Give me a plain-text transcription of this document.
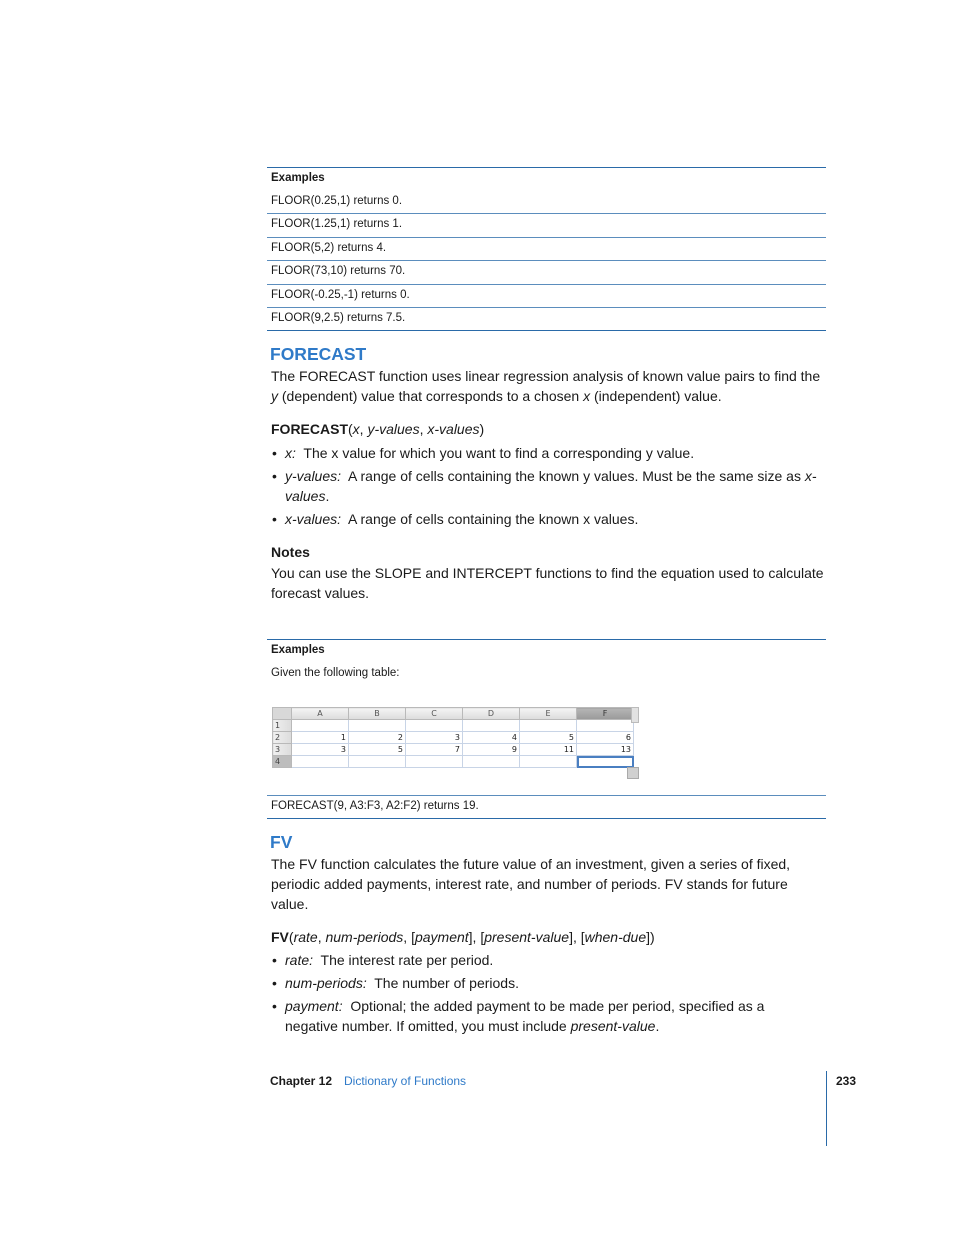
Examples
FLOOR(0.25,1) returns 0.
FLOOR(1.25,1) returns 1.
FLOOR(5,2) returns 4.
FLOOR(73,10) returns 70.
FLOOR(-0.25,-1) returns 0.
FLOOR(9,2.5) returns 7.5.
FORECAST
The FORECAST function uses linear regression analysis of known value pairs to find the
y (dependent) value that corresponds to a chosen x (independent) value.
FORECAST(x, y-values, x-values)
• x: The x value for which you want to find a corresponding y value.
• y-values: A range of cells containing the known y values. Must be the same size as x-values.
• x-values: A range of cells containing the known x values.
Notes
You can use the SLOPE and INTERCEPT functions to find the equation used to calculate forecast values.
Examples
Given the following table:
	A	B	C	D	E	F
1						
2	1	2	3	4	5	6
3	3	5	7	9	11	13
4						
FORECAST(9, A3:F3, A2:F2) returns 19.
FV
The FV function calculates the future value of an investment, given a series of fixed, periodic added payments, interest rate, and number of periods. FV stands for future value.
FV(rate, num-periods, [payment], [present-value], [when-due])
• rate: The interest rate per period.
• num-periods: The number of periods.
• payment: Optional; the added payment to be made per period, specified as a negative number. If omitted, you must include present-value.
Chapter 12 Dictionary of Functions	233
